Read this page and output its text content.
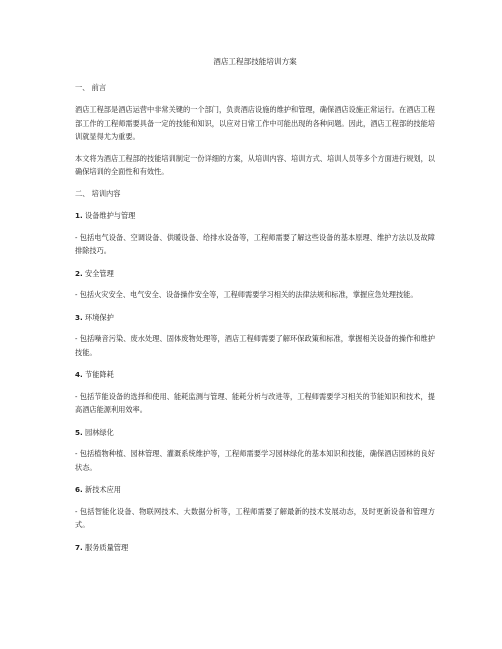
酒店工程部技能培训方案
一、 前言
酒店工程部是酒店运营中非常关键的一个部门，负责酒店设施的维护和管理，确保酒店设施正常运行。在酒店工程部工作的工程师需要具备一定的技能和知识，以应对日常工作中可能出现的各种问题。因此，酒店工程部的技能培训就显得尤为重要。
本文将为酒店工程部的技能培训制定一份详细的方案，从培训内容、培训方式、培训人员等多个方面进行规划，以确保培训的全面性和有效性。
二、 培训内容
1. 设备维护与管理
- 包括电气设备、空调设备、供暖设备、给排水设备等，工程师需要了解这些设备的基本原理、维护方法以及故障排除技巧。
2. 安全管理
- 包括火灾安全、电气安全、设备操作安全等，工程师需要学习相关的法律法规和标准，掌握应急处理技能。
3. 环境保护
- 包括噪音污染、废水处理、固体废物处理等，酒店工程师需要了解环保政策和标准，掌握相关设备的操作和维护技能。
4. 节能降耗
- 包括节能设备的选择和使用、能耗监测与管理、能耗分析与改进等，工程师需要学习相关的节能知识和技术，提高酒店能源利用效率。
5. 园林绿化
- 包括植物种植、园林管理、灌溉系统维护等，工程师需要学习园林绿化的基本知识和技能，确保酒店园林的良好状态。
6. 新技术应用
- 包括智能化设备、物联网技术、大数据分析等，工程师需要了解最新的技术发展动态，及时更新设备和管理方式。
7. 服务质量管理
